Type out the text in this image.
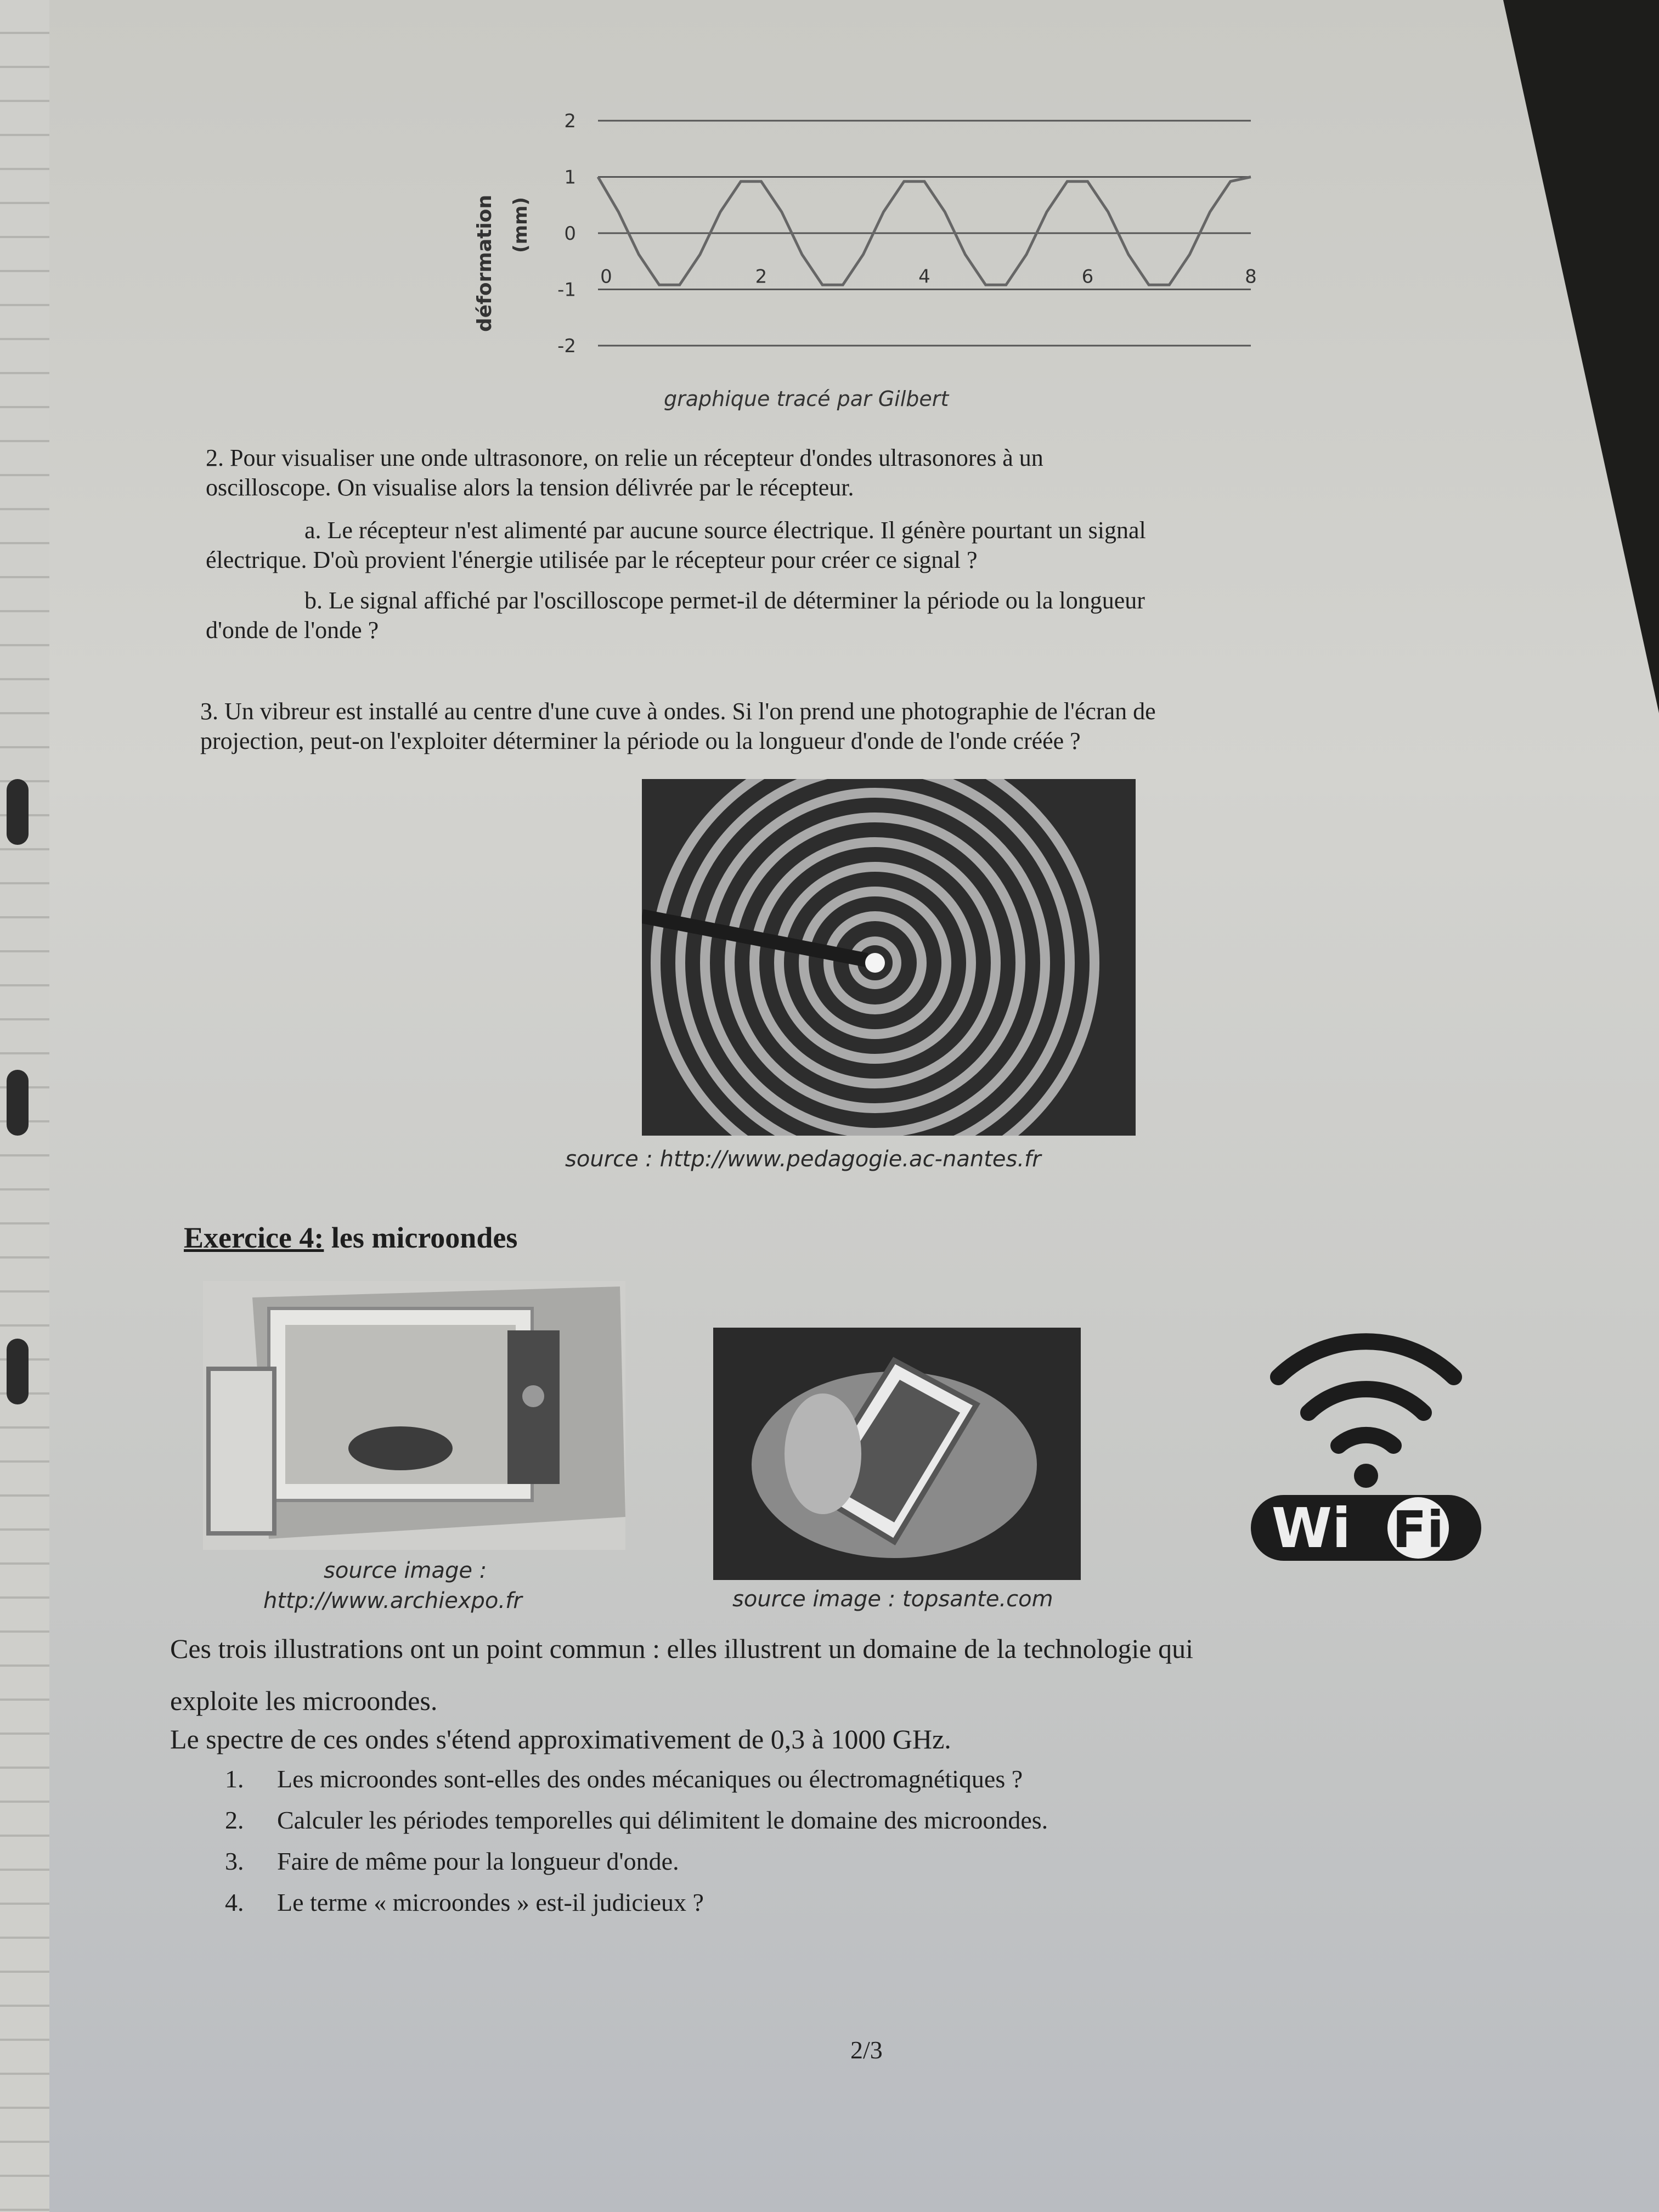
déformation (mm)
2
1
0
-1
-2
0	2	4	6	8
graphique tracé par Gilbert
2. Pour visualiser une onde ultrasonore, on relie un récepteur d'ondes ultrasonores à un
oscilloscope. On visualise alors la tension délivrée par le récepteur.
a. Le récepteur n'est alimenté par aucune source électrique. Il génère pourtant un signal
électrique. D'où provient l'énergie utilisée par le récepteur pour créer ce signal ?
b. Le signal affiché par l'oscilloscope permet-il de déterminer la période ou la longueur
d'onde de l'onde ?
3. Un vibreur est installé au centre d'une cuve à ondes. Si l'on prend une photographie de l'écran de
projection, peut-on l'exploiter déterminer la période ou la longueur d'onde de l'onde créée ?
source : http://www.pedagogie.ac-nantes.fr
Exercice 4: les microondes
source image :
http://www.archiexpo.fr	source image : topsante.com
Wi Fi
Ces trois illustrations ont un point commun : elles illustrent un domaine de la technologie qui
exploite les microondes.
Le spectre de ces ondes s'étend approximativement de 0,3 à 1000 GHz.
1. Les microondes sont-elles des ondes mécaniques ou électromagnétiques ?
2. Calculer les périodes temporelles qui délimitent le domaine des microondes.
3. Faire de même pour la longueur d'onde.
4. Le terme « microondes » est-il judicieux ?
2/3
